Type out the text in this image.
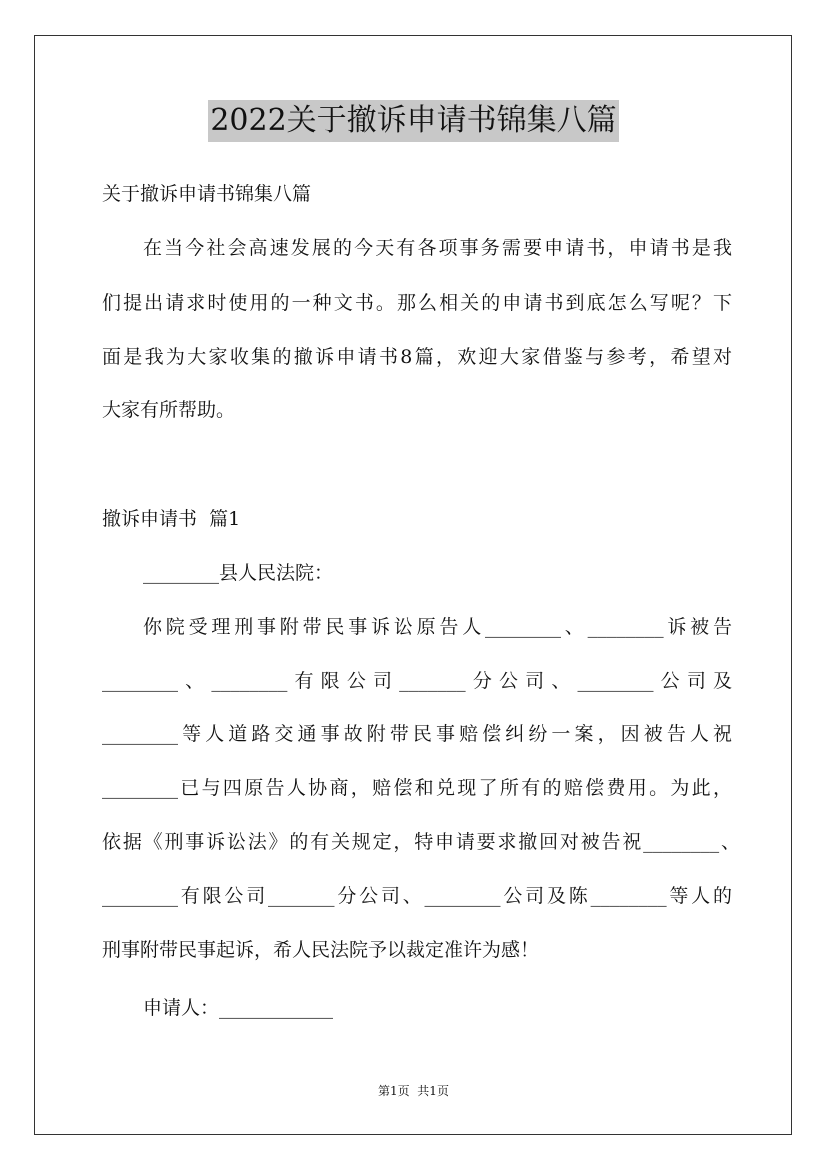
2022关于撤诉申请书锦集八篇
关于撤诉申请书锦集八篇
在当今社会高速发展的今天有各项事务需要申请书，申请书是我
们提出请求时使用的一种文书。那么相关的申请书到底怎么写呢？下
面是我为大家收集的撤诉申请书8篇，欢迎大家借鉴与参考，希望对
大家有所帮助。
撤诉申请书  篇1
________县人民法院：
你院受理刑事附带民事诉讼原告人________、________诉被告
________、________有限公司_______分公司、________公司及
________等人道路交通事故附带民事赔偿纠纷一案，因被告人祝
________已与四原告人协商，赔偿和兑现了所有的赔偿费用。为此，
依据《刑事诉讼法》的有关规定，特申请要求撤回对被告祝________、
________有限公司_______分公司、________公司及陈________等人的
刑事附带民事起诉，希人民法院予以裁定准许为感！
申请人：____________
第1页  共1页
